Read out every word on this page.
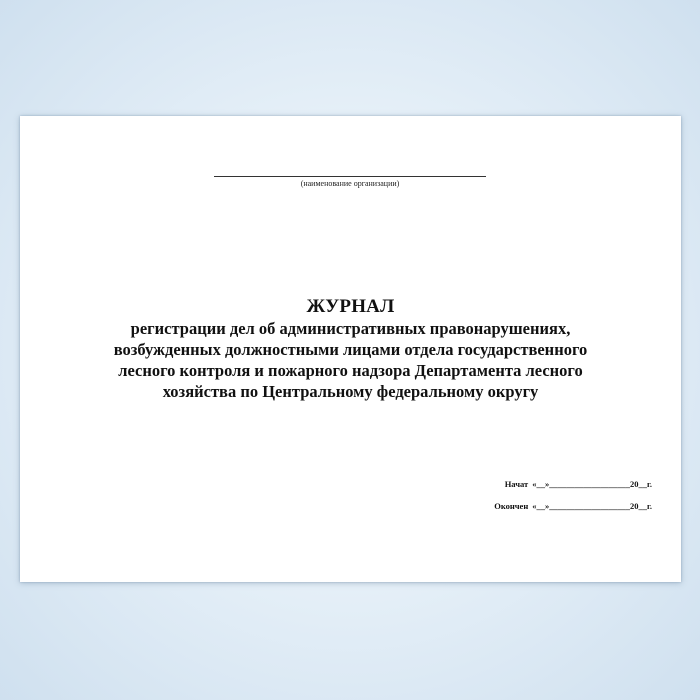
(наименование организации)
ЖУРНАЛ
регистрации дел об административных правонарушениях,
возбужденных должностными лицами отдела государственного
лесного контроля и пожарного надзора Департамента лесного
хозяйства по Центральному федеральному округу
Начат «__»___________________20__г.
Окончен «__»___________________20__г.
